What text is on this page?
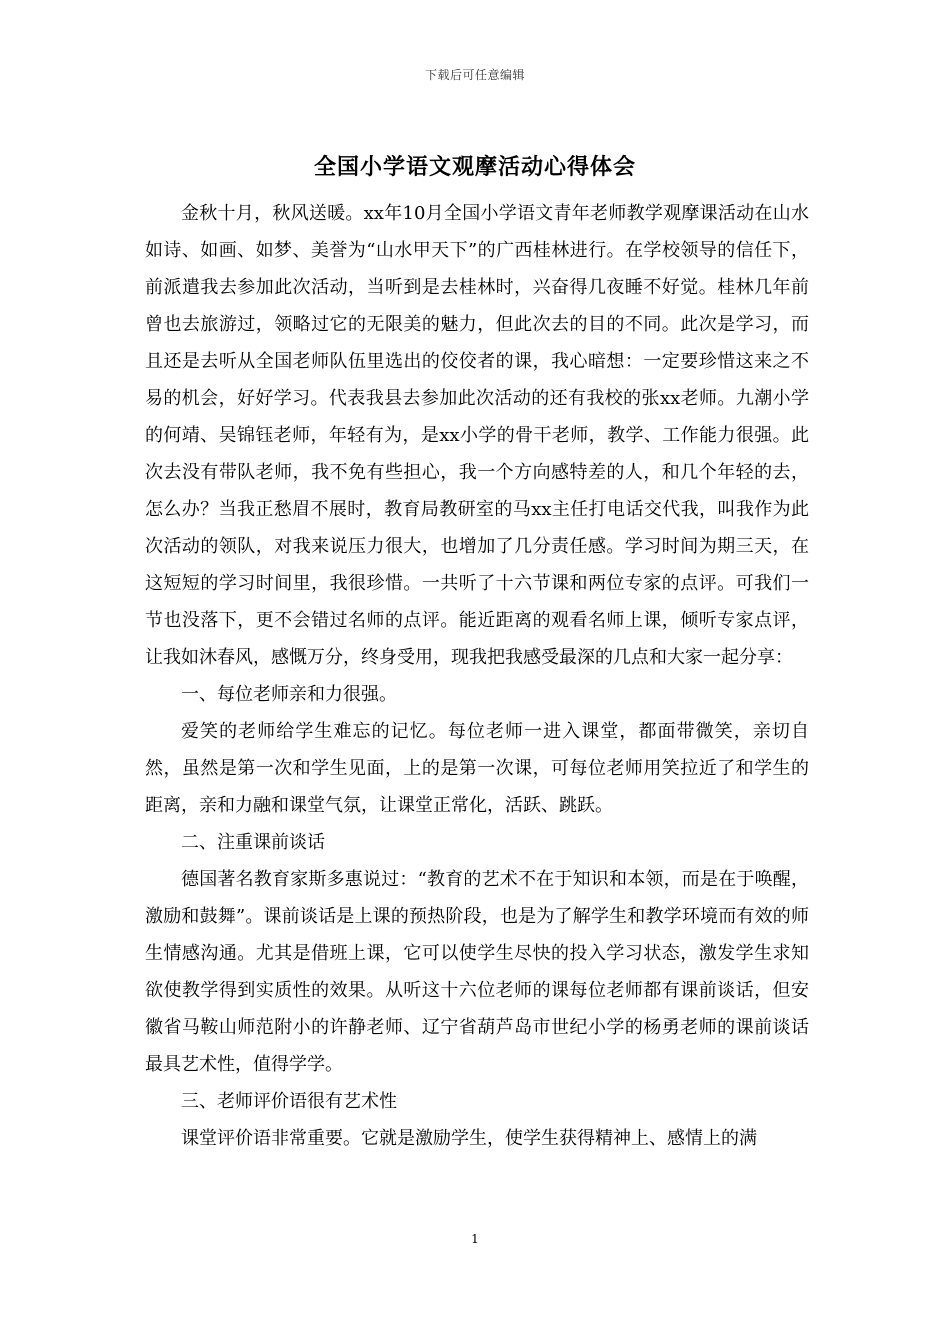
下载后可任意编辑
全国小学语文观摩活动心得体会

金秋十月，秋风送暖。xx年10月全国小学语文青年老师教学观摩课活动在山水如诗、如画、如梦、美誉为“山水甲天下”的广西桂林进行。在学校领导的信任下，前派遣我去参加此次活动，当听到是去桂林时，兴奋得几夜睡不好觉。桂林几年前曾也去旅游过，领略过它的无限美的魅力，但此次去的目的不同。此次是学习，而且还是去听从全国老师队伍里选出的佼佼者的课，我心暗想：一定要珍惜这来之不易的机会，好好学习。代表我县去参加此次活动的还有我校的张xx老师。九潮小学的何靖、吴锦钰老师，年轻有为，是xx小学的骨干老师，教学、工作能力很强。此次去没有带队老师，我不免有些担心，我一个方向感特差的人，和几个年轻的去，怎么办？当我正愁眉不展时，教育局教研室的马xx主任打电话交代我，叫我作为此次活动的领队，对我来说压力很大，也增加了几分责任感。学习时间为期三天，在这短短的学习时间里，我很珍惜。一共听了十六节课和两位专家的点评。可我们一节也没落下，更不会错过名师的点评。能近距离的观看名师上课，倾听专家点评，让我如沐春风，感慨万分，终身受用，现我把我感受最深的几点和大家一起分享：

一、每位老师亲和力很强。

爱笑的老师给学生难忘的记忆。每位老师一进入课堂，都面带微笑，亲切自然，虽然是第一次和学生见面，上的是第一次课，可每位老师用笑拉近了和学生的距离，亲和力融和课堂气氛，让课堂正常化，活跃、跳跃。

二、注重课前谈话

德国著名教育家斯多惠说过：“教育的艺术不在于知识和本领，而是在于唤醒，激励和鼓舞”。课前谈话是上课的预热阶段，也是为了解学生和教学环境而有效的师生情感沟通。尤其是借班上课，它可以使学生尽快的投入学习状态，激发学生求知欲使教学得到实质性的效果。从听这十六位老师的课每位老师都有课前谈话，但安徽省马鞍山师范附小的许静老师、辽宁省葫芦岛市世纪小学的杨勇老师的课前谈话最具艺术性，值得学学。

三、老师评价语很有艺术性

课堂评价语非常重要。它就是激励学生，使学生获得精神上、感情上的满

1
